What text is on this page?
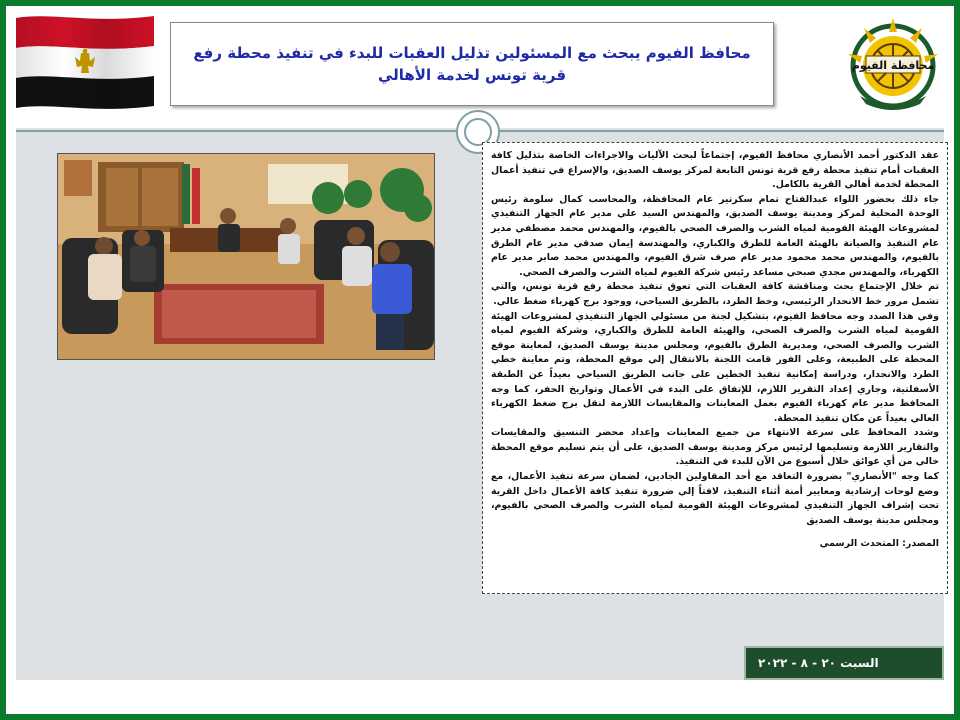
محافظ الفيوم يبحث مع المسئولين تذليل العقبات للبدء في تنفيذ محطة رفع قرية تونس لخدمة الأهالي
محافظة الفيوم

عقد الدكتور أحمد الأنصاري محافظ الفيوم، إجتماعاً لبحث الآليات والاجراءات الخاصة بتذليل كافة العقبات أمام تنفيذ محطة رفع قرية تونس التابعة لمركز يوسف الصديق، والإسراع في تنفيذ أعمال المحطة لخدمة أهالي القرية بالكامل.

جاء ذلك بحضور اللواء عبدالفتاح تمام سكرتير عام المحافظة، والمحاسب كمال سلومة رئيس الوحدة المحلية لمركز ومدينة يوسف الصديق، والمهندس السيد علي مدير عام الجهاز التنفيذي لمشروعات الهيئة القومية لمياه الشرب والصرف الصحي بالفيوم، والمهندس محمد مصطفي مدير عام التنفيذ والصيانة بالهيئة العامة للطرق والكباري، والمهندسة إيمان صدقي مدير عام الطرق بالفيوم، والمهندس محمد محمود مدير عام صرف شرق الفيوم، والمهندس محمد صابر مدير عام الكهرباء، والمهندس مجدي صبحي مساعد رئيس شركة الفيوم لمياه الشرب والصرف الصحي.

تم خلال الإجتماع بحث ومناقشة كافة العقبات التي تعوق تنفيذ محطة رفع قرية تونس، والتي تشمل مرور خط الانحدار الرئيسي، وخط الطرد، بالطريق السياحي، ووجود برج كهرباء ضغط عالي.

وفي هذا الصدد وجه محافظ الفيوم، بتشكيل لجنة من مسئولي الجهاز التنفيذي لمشروعات الهيئة القومية لمياه الشرب والصرف الصحي، والهيئة العامة للطرق والكباري، وشركة الفيوم لمياه الشرب والصرف الصحي، ومديرية الطرق بالفيوم، ومجلس مدينة يوسف الصديق، لمعاينة موقع المحطة على الطبيعة، وعلى الفور قامت اللجنة بالانتقال إلي موقع المحطة، وتم معاينة خطي الطرد والانحدار، ودراسة إمكانية تنفيذ الخطين على جانب الطريق السياحي بعيداً عن الطبقة الأسفلتية، وجاري إعداد التقرير اللازم، للإتفاق على البدء في الأعمال وتواريخ الحفر، كما وجه المحافظ مدير عام كهرباء الفيوم بعمل المعاينات والمقايسات اللازمة لنقل برج ضغط الكهرباء العالي بعيداً عن مكان تنفيذ المحطة.

وشدد المحافظ على سرعة الانتهاء من جميع المعاينات وإعداد محضر التنسيق والمقايسات والتقارير اللازمة وتسليمها لرئيس مركز ومدينة يوسف الصديق، على أن يتم تسليم موقع المحطة خالي من أي عوائق خلال أسبوع من الآن للبدء في التنفيذ.

كما وجه "الأنصاري" بضرورة التعاقد مع أحد المقاولين الجادين، لضمان سرعة تنفيذ الأعمال، مع وضع لوحات إرشادية ومعايير أمنة أثناء التنفيذ، لافتاً إلي ضرورة تنفيذ كافة الأعمال داخل القرية تحت إشراف الجهاز التنفيذي لمشروعات الهيئة القومية لمياه الشرب والصرف الصحي بالفيوم، ومجلس مدينة يوسف الصديق

المصدر: المتحدث الرسمي

السبت ٢٠ - ٨ - ٢٠٢٢
